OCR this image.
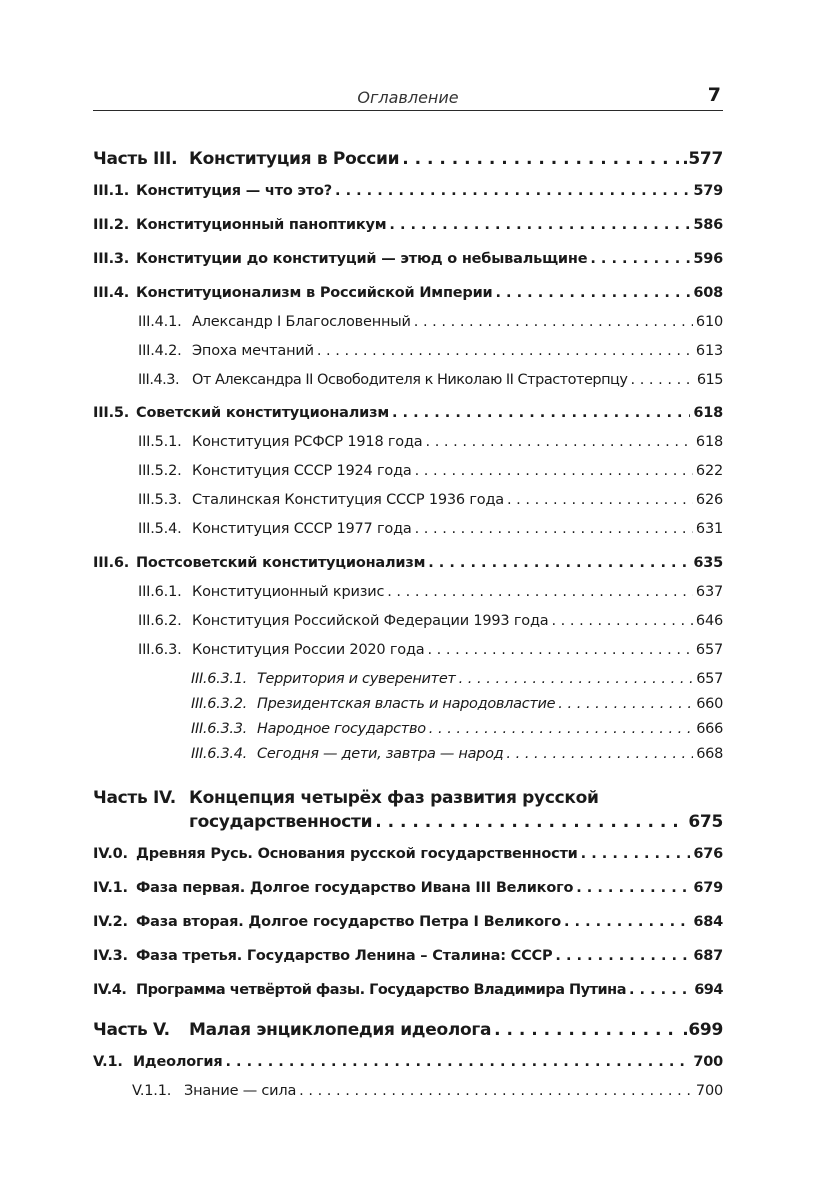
Оглавление	7
Часть III. Конституция в России . . .	.577
III.1. Конституция — что это? . . .	579
III.2. Конституционный паноптикум . . .	586
III.3. Конституции до конституций — этюд о небывальщине . . .	596
III.4. Конституционализм в Российской Империи . . .	608
III.4.1. Александр I Благословенный . . .	610
III.4.2. Эпоха мечтаний . . .	613
III.4.3. От Александра II Освободителя к Николаю II Страстотерпцу . . .	615
III.5. Советский конституционализм . . .	618
III.5.1. Конституция РСФСР 1918 года . . .	618
III.5.2. Конституция СССР 1924 года . . .	622
III.5.3. Сталинская Конституция СССР 1936 года . . .	626
III.5.4. Конституция СССР 1977 года . . .	631
III.6. Постсоветский конституционализм . . .	635
III.6.1. Конституционный кризис . . .	637
III.6.2. Конституция Российской Федерации 1993 года . . .	646
III.6.3. Конституция России 2020 года . . .	657
III.6.3.1. Территория и суверенитет . . .	657
III.6.3.2. Президентская власть и народовластие . . .	660
III.6.3.3. Народное государство . . .	666
III.6.3.4. Сегодня — дети, завтра — народ . . .	668
Часть IV. Концепция четырёх фаз развития русской
государственности . . .	675
IV.0. Древняя Русь. Основания русской государственности . . .	676
IV.1. Фаза первая. Долгое государство Ивана III Великого . . .	679
IV.2. Фаза вторая. Долгое государство Петра I Великого . . .	684
IV.3. Фаза третья. Государство Ленина – Сталина: СССР . . .	687
IV.4. Программа четвёртой фазы. Государство Владимира Путина . . .	694
Часть V.	Малая энциклопедия идеолога . . .	.699
V.1. Идеология . . .	700
V.1.1. Знание — сила . . .	700
